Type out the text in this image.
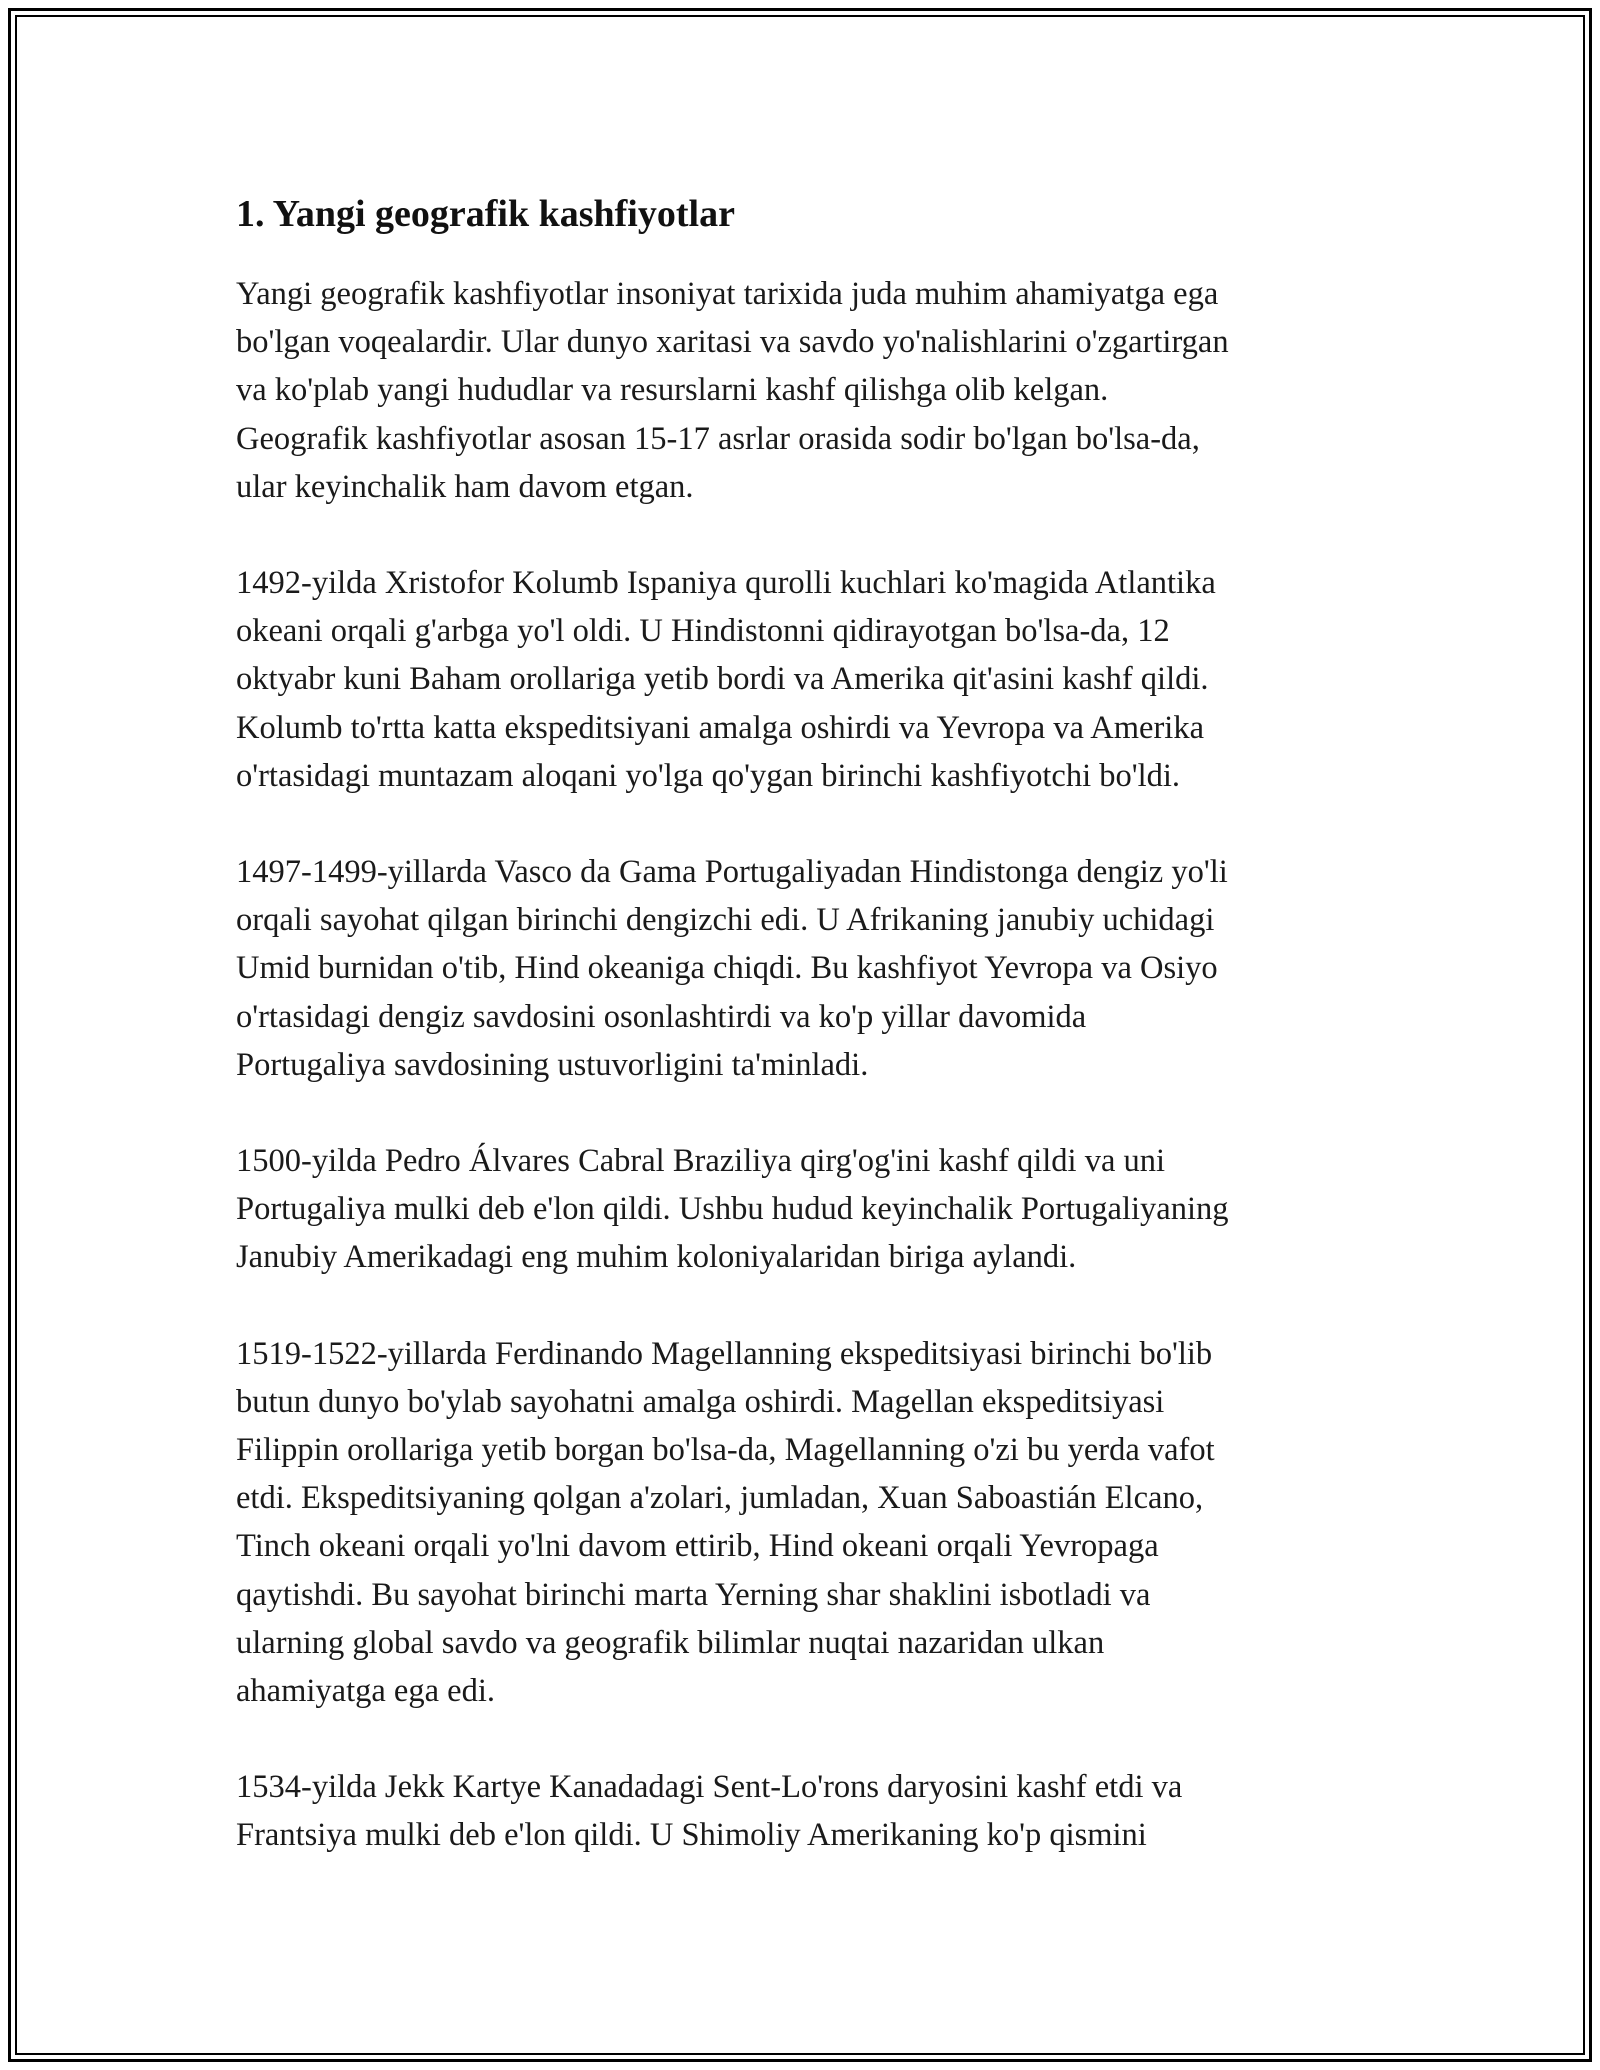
1. Yangi geografik kashfiyotlar

Yangi geografik kashfiyotlar insoniyat tarixida juda muhim ahamiyatga ega
bo'lgan voqealardir. Ular dunyo xaritasi va savdo yo'nalishlarini o'zgartirgan
va ko'plab yangi hududlar va resurslarni kashf qilishga olib kelgan.
Geografik kashfiyotlar asosan 15-17 asrlar orasida sodir bo'lgan bo'lsa-da,
ular keyinchalik ham davom etgan.

1492-yilda Xristofor Kolumb Ispaniya qurolli kuchlari ko'magida Atlantika
okeani orqali g'arbga yo'l oldi. U Hindistonni qidirayotgan bo'lsa-da, 12
oktyabr kuni Baham orollariga yetib bordi va Amerika qit'asini kashf qildi.
Kolumb to'rtta katta ekspeditsiyani amalga oshirdi va Yevropa va Amerika
o'rtasidagi muntazam aloqani yo'lga qo'ygan birinchi kashfiyotchi bo'ldi.

1497-1499-yillarda Vasco da Gama Portugaliyadan Hindistonga dengiz yo'li
orqali sayohat qilgan birinchi dengizchi edi. U Afrikaning janubiy uchidagi
Umid burnidan o'tib, Hind okeaniga chiqdi. Bu kashfiyot Yevropa va Osiyo
o'rtasidagi dengiz savdosini osonlashtirdi va ko'p yillar davomida
Portugaliya savdosining ustuvorligini ta'minladi.

1500-yilda Pedro Álvares Cabral Braziliya qirg'og'ini kashf qildi va uni
Portugaliya mulki deb e'lon qildi. Ushbu hudud keyinchalik Portugaliyaning
Janubiy Amerikadagi eng muhim koloniyalaridan biriga aylandi.

1519-1522-yillarda Ferdinando Magellanning ekspeditsiyasi birinchi bo'lib
butun dunyo bo'ylab sayohatni amalga oshirdi. Magellan ekspeditsiyasi
Filippin orollariga yetib borgan bo'lsa-da, Magellanning o'zi bu yerda vafot
etdi. Ekspeditsiyaning qolgan a'zolari, jumladan, Xuan Saboastián Elcano,
Tinch okeani orqali yo'lni davom ettirib, Hind okeani orqali Yevropaga
qaytishdi. Bu sayohat birinchi marta Yerning shar shaklini isbotladi va
ularning global savdo va geografik bilimlar nuqtai nazaridan ulkan
ahamiyatga ega edi.

1534-yilda Jekk Kartye Kanadadagi Sent-Lo'rons daryosini kashf etdi va
Frantsiya mulki deb e'lon qildi. U Shimoliy Amerikaning ko'p qismini
